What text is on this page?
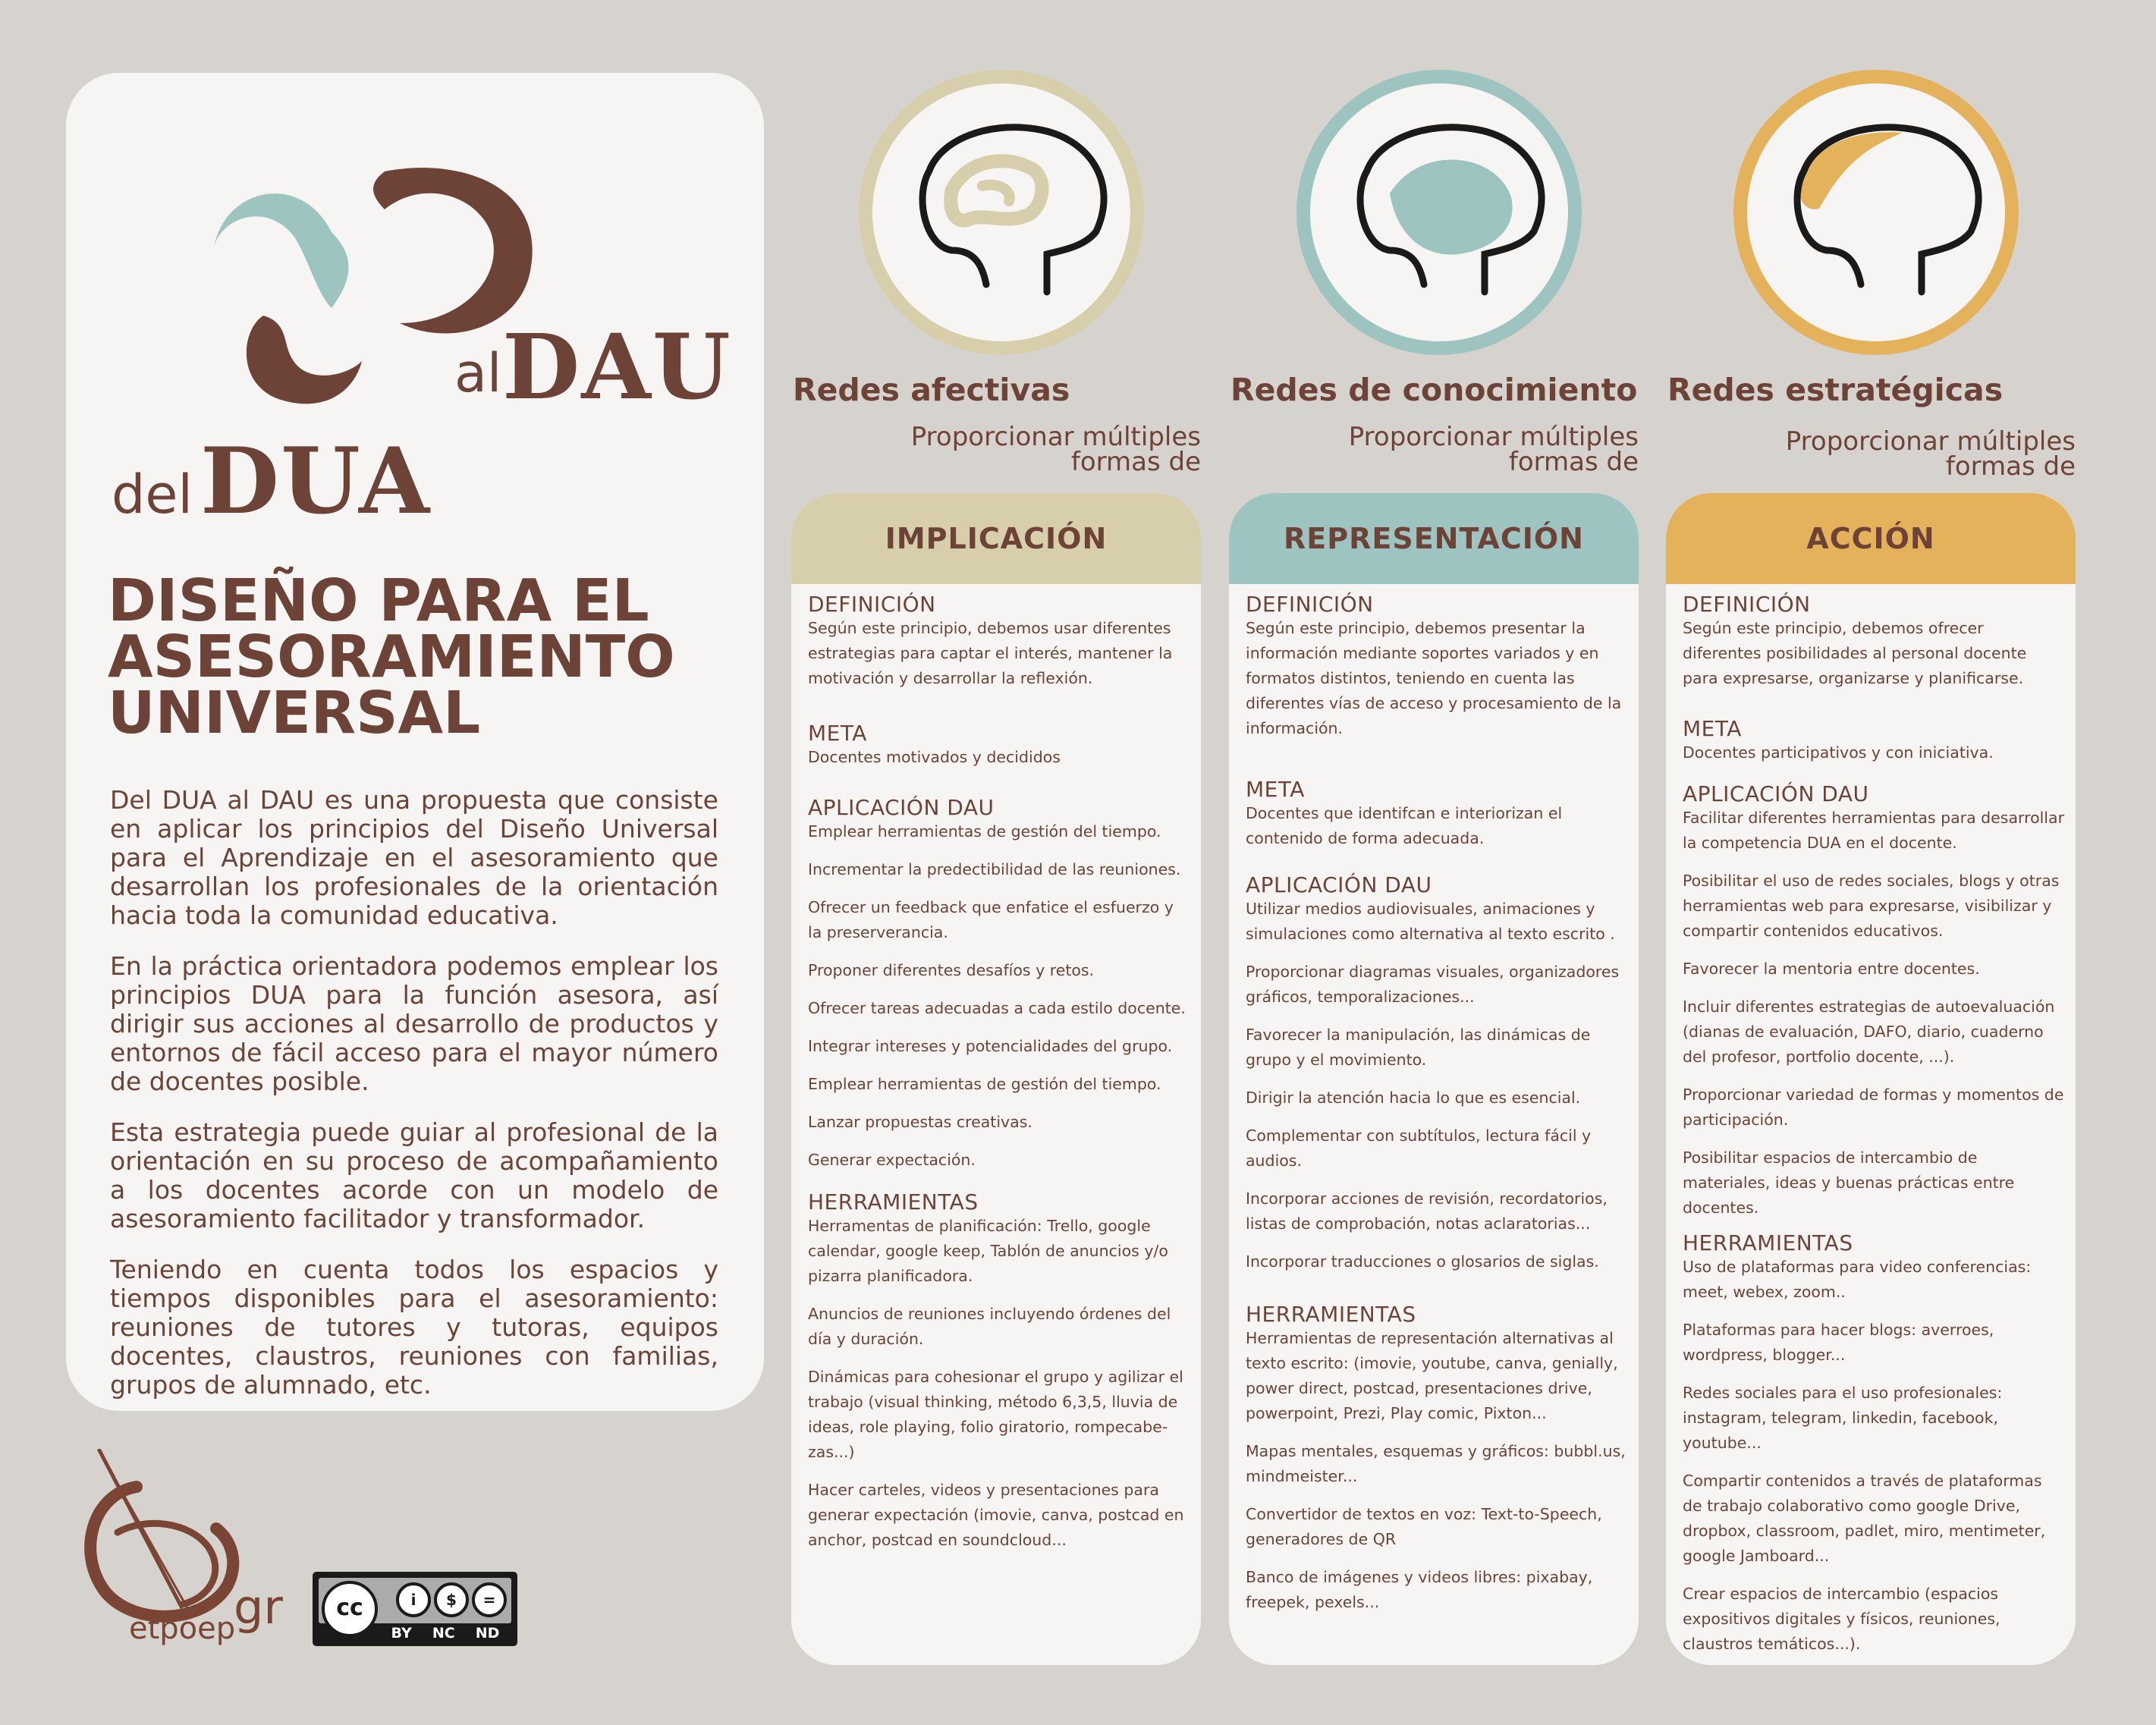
al DAU
del DUA
DISEÑO PARA EL
ASESORAMIENTO
UNIVERSAL

Del DUA al DAU es una propuesta que consiste en aplicar los principios del Diseño Universal para el Aprendizaje en el asesoramiento que desarrollan los profesionales de la orientación hacia toda la comunidad educativa.

En la práctica orientadora podemos emplear los principios DUA para la función asesora, así dirigir sus acciones al desarrollo de productos y entornos de fácil acceso para el mayor número de docentes posible.

Esta estrategia puede guiar al profesional de la orientación en su proceso de acompañamiento a los docentes acorde con un modelo de asesoramiento facilitador y transformador.

Teniendo en cuenta todos los espacios y tiempos disponibles para el asesoramiento: reuniones de tutores y tutoras, equipos docentes, claustros, reuniones con familias, grupos de alumnado, etc.

etpoep
gr	cc	i	$	=
BY NC ND
Redes afectivas
Proporcionar múltiples
formas de
IMPLICACIÓN
DEFINICIÓN

Según este principio, debemos usar diferentes estrategias para captar el interés, mantener la motivación y desarrollar la reflexión.

META

Docentes motivados y decididos

APLICACIÓN DAU
Emplear herramientas de gestión del tiempo.
Incrementar la predectibilidad de las reuniones.
Ofrecer un feedback que enfatice el esfuerzo y la preserverancia.
Proponer diferentes desafíos y retos.
Ofrecer tareas adecuadas a cada estilo docente.
Integrar intereses y potencialidades del grupo.
Emplear herramientas de gestión del tiempo.
Lanzar propuestas creativas.
Generar expectación.
HERRAMIENTAS
Herramentas de planificación: Trello, google calendar, google keep, Tablón de anuncios y/o pizarra planificadora.
Anuncios de reuniones incluyendo órdenes del día y duración.
Dinámicas para cohesionar el grupo y agilizar el trabajo (visual thinking, método 6,3,5, lluvia de ideas, role playing, folio giratorio, rompecabe-zas...)
Hacer carteles, videos y presentaciones para generar expectación (imovie, canva, postcad en anchor, postcad en soundcloud...
Redes de conocimiento
Proporcionar múltiples
formas de
REPRESENTACIÓN
DEFINICIÓN

Según este principio, debemos presentar la información mediante soportes variados y en formatos distintos, teniendo en cuenta las diferentes vías de acceso y procesamiento de la información.

META

Docentes que identifcan e interiorizan el contenido de forma adecuada.

APLICACIÓN DAU
Utilizar medios audiovisuales, animaciones y simulaciones como alternativa al texto escrito .
Proporcionar diagramas visuales, organizadores gráficos, temporalizaciones...
Favorecer la manipulación, las dinámicas de grupo y el movimiento.
Dirigir la atención hacia lo que es esencial.
Complementar con subtítulos, lectura fácil y audios.
Incorporar acciones de revisión, recordatorios, listas de comprobación, notas aclaratorias...
Incorporar traducciones o glosarios de siglas.
HERRAMIENTAS
Herramientas de representación alternativas al texto escrito: (imovie, youtube, canva, genially, power direct, postcad, presentaciones drive, powerpoint, Prezi, Play comic, Pixton...
Mapas mentales, esquemas y gráficos: bubbl.us, mindmeister...
Convertidor de textos en voz: Text-to-Speech, generadores de QR
Banco de imágenes y videos libres: pixabay, freepek, pexels...
Redes estratégicas
Proporcionar múltiples
formas de
ACCIÓN
DEFINICIÓN

Según este principio, debemos ofrecer diferentes posibilidades al personal docente para expresarse, organizarse y planificarse.

META

Docentes participativos y con iniciativa.

APLICACIÓN DAU
Facilitar diferentes herramientas para desarrollar la competencia DUA en el docente.
Posibilitar el uso de redes sociales, blogs y otras herramientas web para expresarse, visibilizar y compartir contenidos educativos.
Favorecer la mentoria entre docentes.
Incluir diferentes estrategias de autoevaluación (dianas de evaluación, DAFO, diario, cuaderno del profesor, portfolio docente, ...).
Proporcionar variedad de formas y momentos de participación.
Posibilitar espacios de intercambio de materiales, ideas y buenas prácticas entre docentes.
HERRAMIENTAS
Uso de plataformas para video conferencias: meet, webex, zoom..
Plataformas para hacer blogs: averroes, wordpress, blogger...
Redes sociales para el uso profesionales: instagram, telegram, linkedin, facebook, youtube...
Compartir contenidos a través de plataformas de trabajo colaborativo como google Drive, dropbox, classroom, padlet, miro, mentimeter, google Jamboard...
Crear espacios de intercambio (espacios expositivos digitales y físicos, reuniones, claustros temáticos...).
